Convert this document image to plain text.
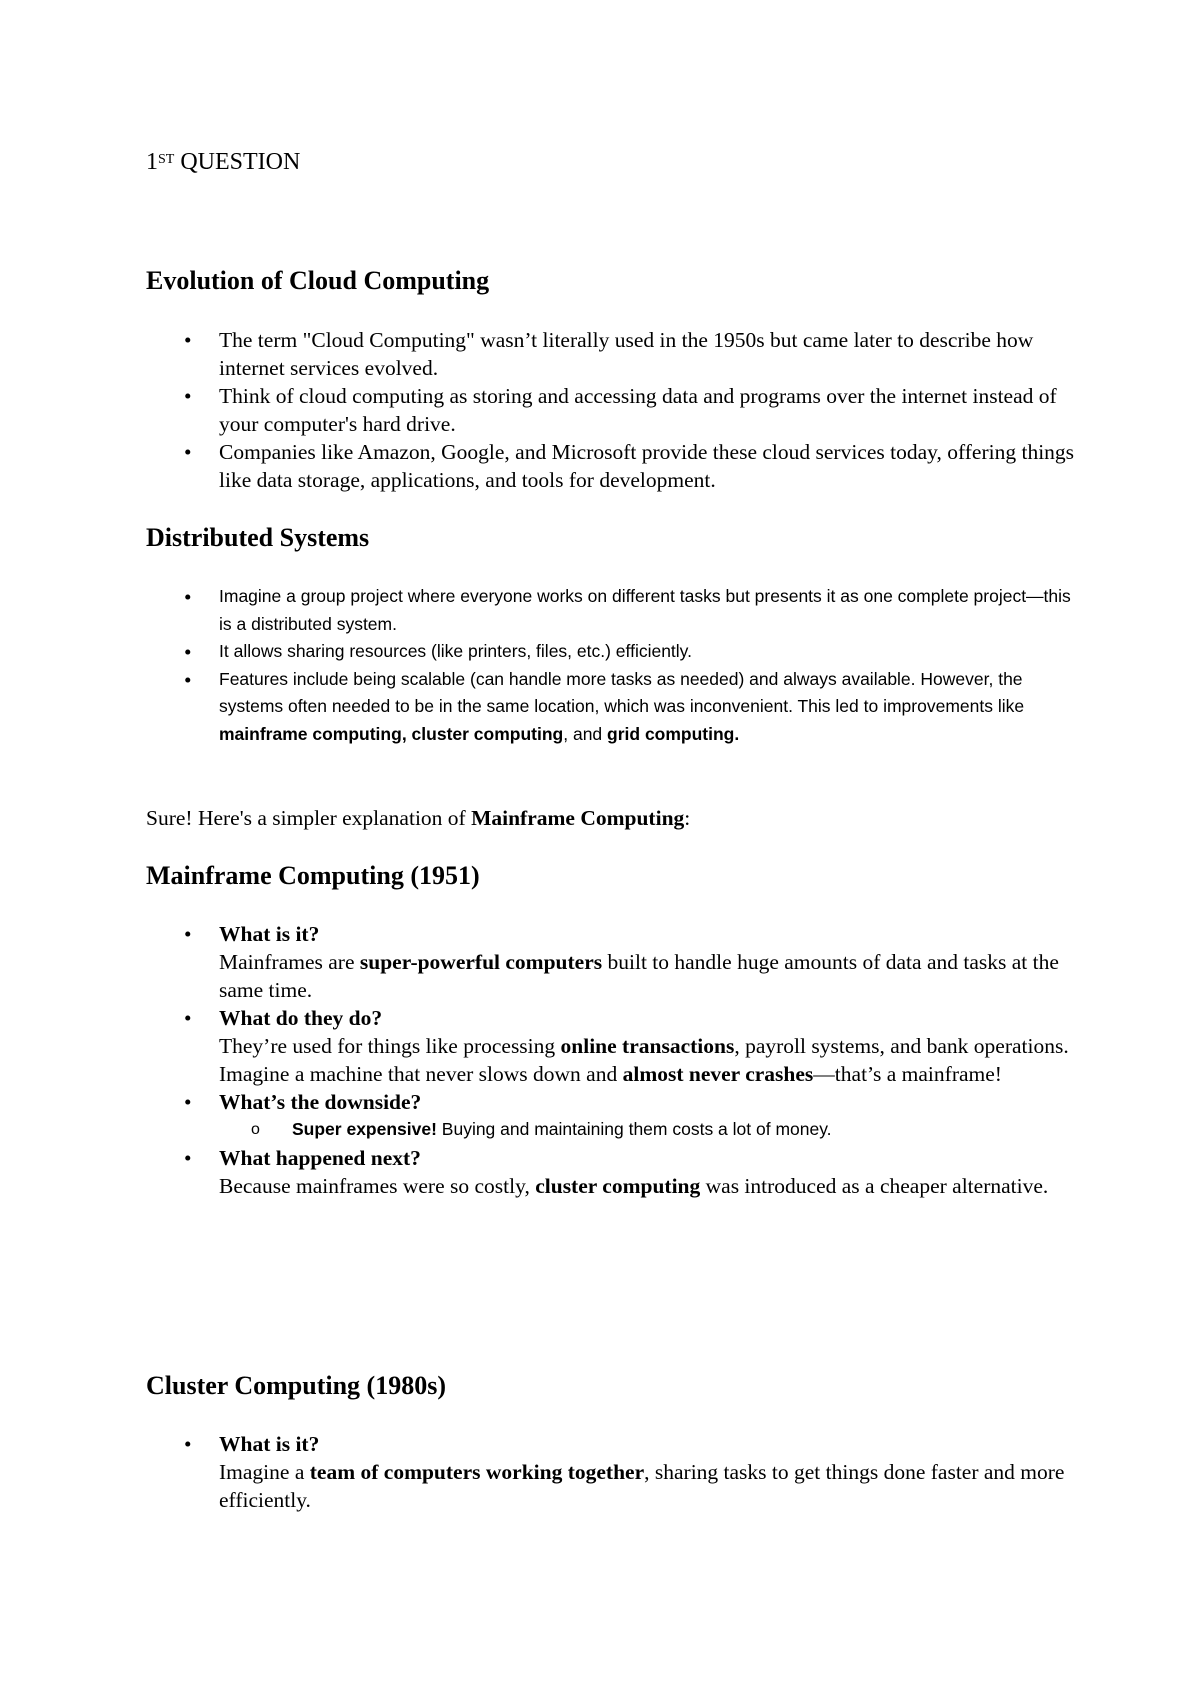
1ST QUESTION
Evolution of Cloud Computing
• The term "Cloud Computing" wasn’t literally used in the 1950s but came later to describe how internet services evolved.
• Think of cloud computing as storing and accessing data and programs over the internet instead of your computer's hard drive.
• Companies like Amazon, Google, and Microsoft provide these cloud services today, offering things like data storage, applications, and tools for development.
Distributed Systems
• Imagine a group project where everyone works on different tasks but presents it as one complete project—this is a distributed system.
• It allows sharing resources (like printers, files, etc.) efficiently.
• Features include being scalable (can handle more tasks as needed) and always available. However, the systems often needed to be in the same location, which was inconvenient. This led to improvements like mainframe computing, cluster computing, and grid computing.

Sure! Here's a simpler explanation of Mainframe Computing:

Mainframe Computing (1951)
• What is it?
Mainframes are super-powerful computers built to handle huge amounts of data and tasks at the same time.
• What do they do?
They’re used for things like processing online transactions, payroll systems, and bank operations.
Imagine a machine that never slows down and almost never crashes—that’s a mainframe!
• What’s the downside?
o Super expensive! Buying and maintaining them costs a lot of money.
• What happened next?
Because mainframes were so costly, cluster computing was introduced as a cheaper alternative.
Cluster Computing (1980s)
• What is it?
Imagine a team of computers working together, sharing tasks to get things done faster and more efficiently.
